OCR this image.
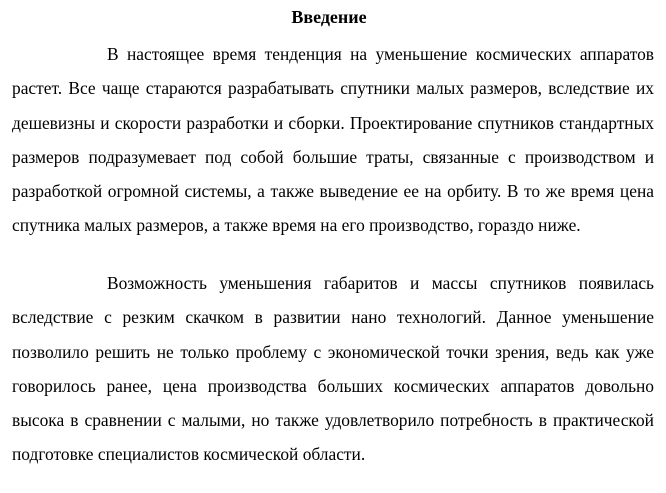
Введение

В настоящее время тенденция на уменьшение космических аппаратов растет. Все чаще стараются разрабатывать спутники малых размеров, вследствие их дешевизны и скорости разработки и сборки. Проектирование спутников стандартных размеров подразумевает под собой большие траты, связанные с производством и разработкой огромной системы, а также выведение ее на орбиту. В то же время цена спутника малых размеров, а также время на его производство, гораздо ниже.

Возможность уменьшения габаритов и массы спутников появилась вследствие с резким скачком в развитии нано технологий. Данное уменьшение позволило решить не только проблему с экономической точки зрения, ведь как уже говорилось ранее, цена производства больших космических аппаратов довольно высока в сравнении с малыми, но также удовлетворило потребность в практической подготовке специалистов космической области.
